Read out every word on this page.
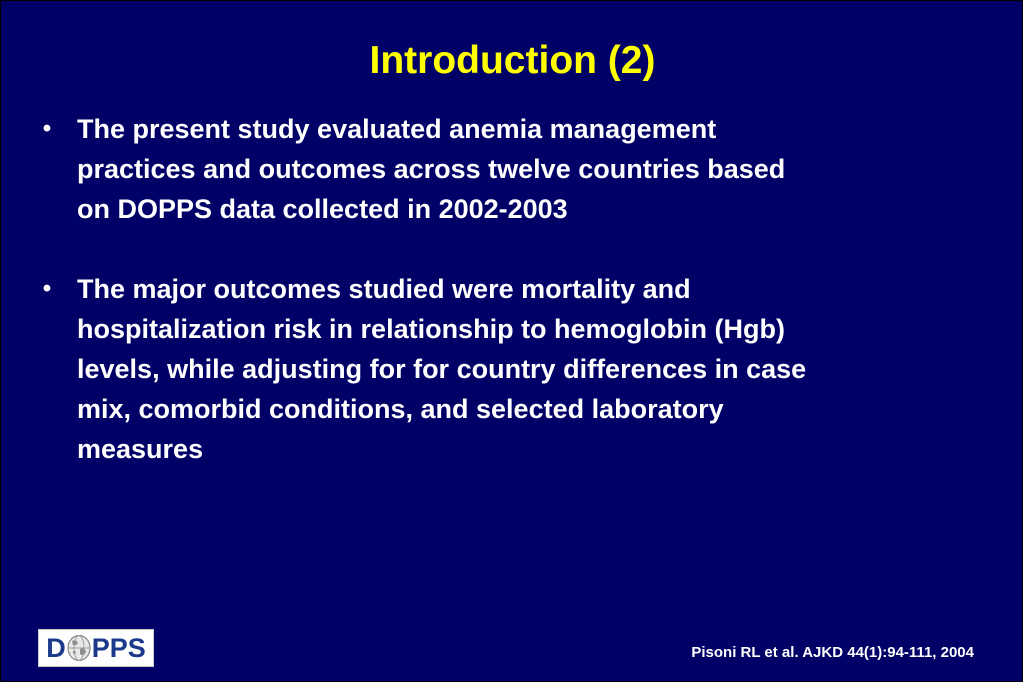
Introduction (2)
• The present study evaluated anemia management
practices and outcomes across twelve countries based
on DOPPS data collected in 2002-2003
• The major outcomes studied were mortality and
hospitalization risk in relationship to hemoglobin (Hgb)
levels, while adjusting for for country differences in case
mix, comorbid conditions, and selected laboratory
measures
D PPS	Pisoni RL et al. AJKD 44(1):94-111, 2004
